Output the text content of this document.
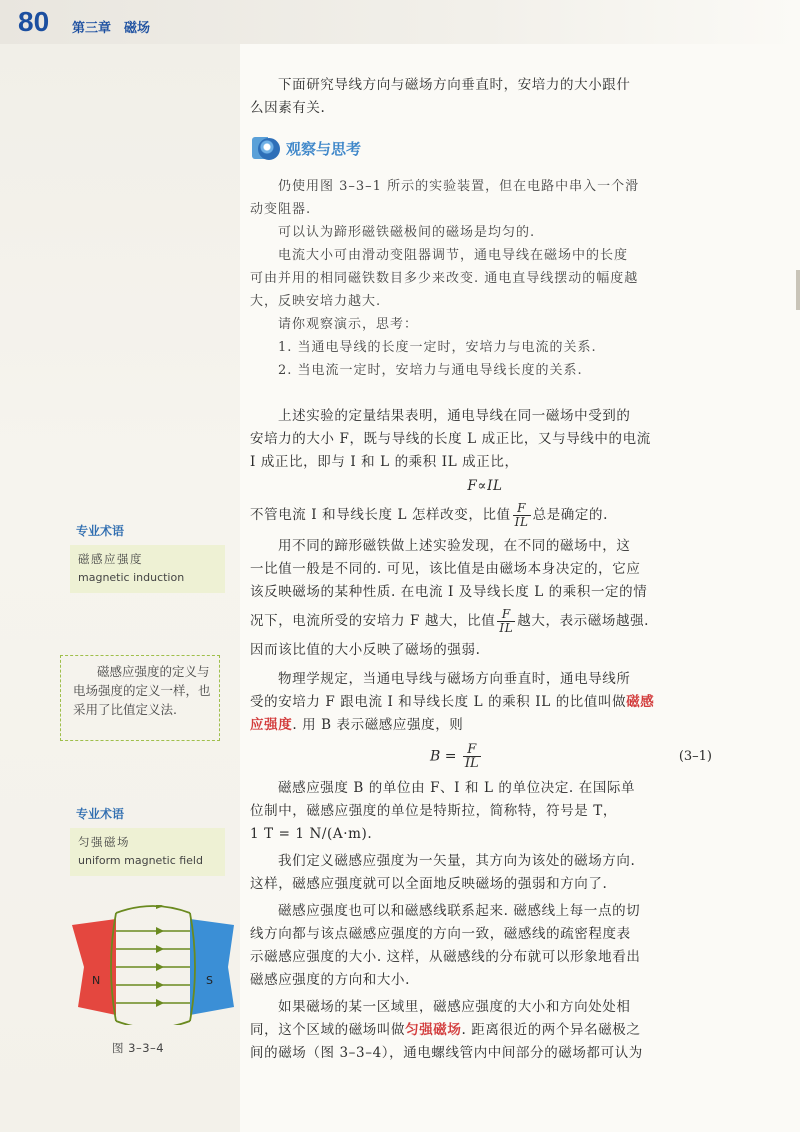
80 第三章　磁场

下面研究导线方向与磁场方向垂直时，安培力的大小跟什

么因素有关.

观察与思考

仍使用图 3–3–1 所示的实验装置，但在电路中串入一个滑

动变阻器.

可以认为蹄形磁铁磁极间的磁场是均匀的.

电流大小可由滑动变阻器调节，通电导线在磁场中的长度

可由并用的相同磁铁数目多少来改变. 通电直导线摆动的幅度越

大，反映安培力越大.

请你观察演示，思考：

1. 当通电导线的长度一定时，安培力与电流的关系.

2. 当电流一定时，安培力与通电导线长度的关系.

上述实验的定量结果表明，通电导线在同一磁场中受到的

安培力的大小 F，既与导线的长度 L 成正比，又与导线中的电流

I 成正比，即与 I 和 L 的乘积 IL 成正比，

F∝IL

不管电流 I 和导线长度 L 怎样改变，比值 $\frac{F}{IL}$ 总是确定的.

用不同的蹄形磁铁做上述实验发现，在不同的磁场中，这

一比值一般是不同的. 可见，该比值是由磁场本身决定的，它应

该反映磁场的某种性质. 在电流 I 及导线长度 L 的乘积一定的情

况下，电流所受的安培力 F 越大，比值 $\frac{F}{IL}$ 越大，表示磁场越强.

因而该比值的大小反映了磁场的强弱.

物理学规定，当通电导线与磁场方向垂直时，通电导线所

受的安培力 F 跟电流 I 和导线长度 L 的乘积 IL 的比值叫做磁感

应强度. 用 B 表示磁感应强度，则

$B = \frac{F}{IL}$	(3–1)

磁感应强度 B 的单位由 F、I 和 L 的单位决定. 在国际单

位制中，磁感应强度的单位是特斯拉，简称特，符号是 T，

1 T = 1 N/(A·m).

我们定义磁感应强度为一矢量，其方向为该处的磁场方向.

这样，磁感应强度就可以全面地反映磁场的强弱和方向了.

磁感应强度也可以和磁感线联系起来. 磁感线上每一点的切

线方向都与该点磁感应强度的方向一致，磁感线的疏密程度表

示磁感应强度的大小. 这样，从磁感线的分布就可以形象地看出

磁感应强度的方向和大小.

如果磁场的某一区域里，磁感应强度的大小和方向处处相

同，这个区域的磁场叫做匀强磁场. 距离很近的两个异名磁极之

间的磁场（图 3–3–4），通电螺线管内中间部分的磁场都可认为

专业术语
磁感应强度
magnetic induction
磁感应强度的定义与电场强度的定义一样，也采用了比值定义法.
专业术语
匀强磁场
uniform magnetic field
N	S
图 3–3–4
